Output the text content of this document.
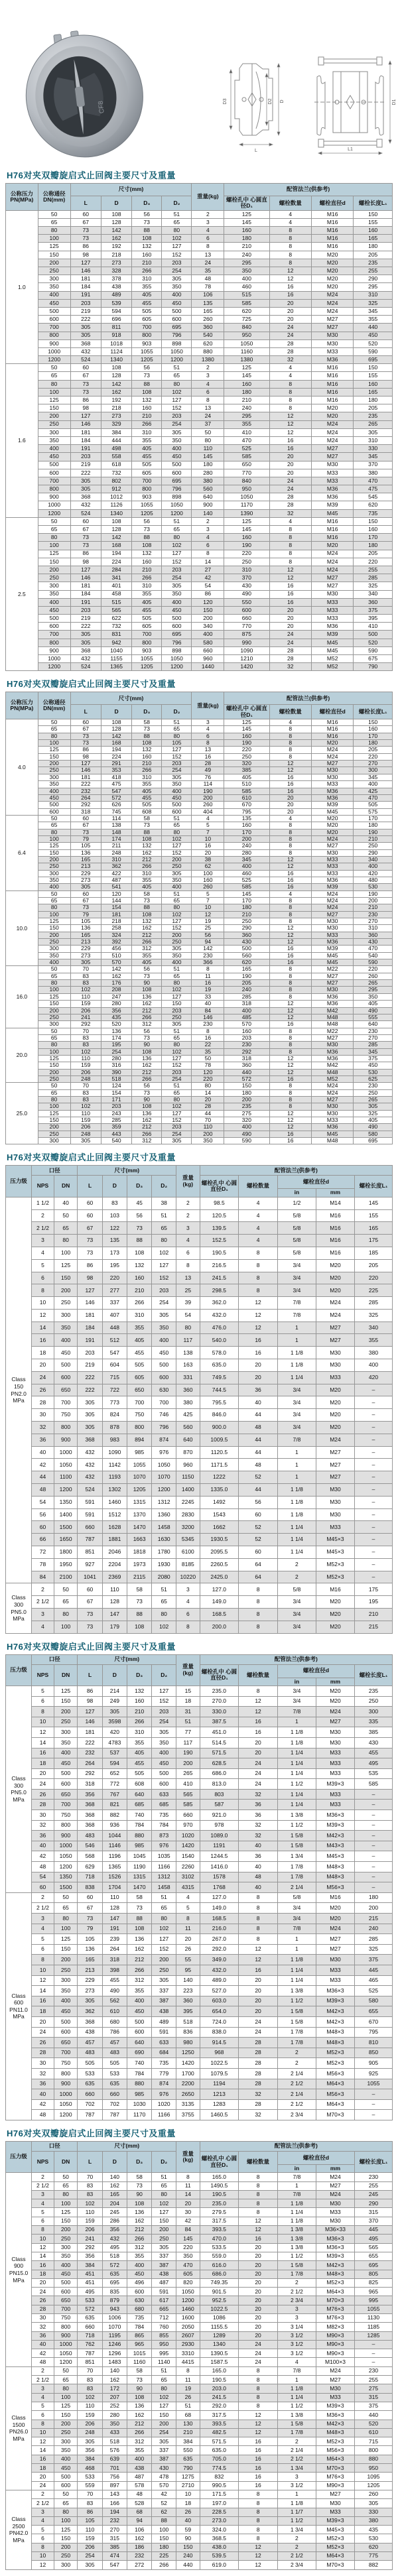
CF8	D3	D2 D
L
D1
L1
H76对夹双瓣旋启式止回阀主要尺寸及重量
公称压力 PN(MPa)	公称通径 DN(mm)	尺寸(mm)				重量(kg)	配管法兰(供参考)			
		L	D	D₃	D₂		螺栓孔中 心圆直径D₁	螺栓数量	螺栓直径d	螺栓长度L₁
1.0	50	60	108	56	51	2	125	4	M16	150
	65	67	128	73	65	3	145	4	M16	155
	80	73	142	88	80	4	160	8	M16	160
	100	73	162	108	102	6	180	8	M16	165
	125	86	192	132	127	8	210	8	M16	180
	150	98	218	160	152	13	240	8	M20	205
	200	127	273	210	203	24	295	8	M20	235
	250	146	328	266	254	35	350	12	M20	255
	300	181	378	310	305	48	400	12	M20	290
	350	184	438	355	350	78	460	16	M20	295
	400	191	489	405	400	106	515	16	M24	310
	450	203	539	455	450	135	585	20	M24	325
	500	219	594	505	500	165	620	20	M24	345
	600	222	696	605	600	260	725	20	M27	355
	700	305	811	700	695	360	840	24	M27	440
	800	305	918	800	796	540	950	24	M30	450
	900	368	1018	903	898	620	1050	28	M30	520
	1000	432	1124	1055	1050	880	1160	28	M33	590
	1200	524	1340	1205	1200	1380	1380	32	M36	695
1.6	50	60	108	56	51	2	125	4	M16	150
	65	67	128	73	65	3	145	4	M16	155
	80	73	142	88	80	4	160	8	M16	160
	100	73	162	108	102	6	180	8	M16	165
	125	86	192	132	127	8	210	8	M16	180
	150	98	218	160	152	13	240	8	M20	205
	200	127	273	210	203	24	295	12	M20	235
	250	146	329	266	254	37	355	12	M24	265
	300	181	384	310	305	50	410	12	M24	305
	350	184	444	355	350	80	470	16	M24	310
	400	191	498	405	400	110	525	16	M27	330
	450	203	558	455	450	145	585	20	M27	345
	500	219	618	505	500	180	650	20	M30	370
	600	222	732	605	600	280	770	20	M33	380
	700	305	802	700	695	380	840	24	M33	470
	800	305	912	800	796	560	950	24	M36	475
	900	368	1012	903	898	640	1050	28	M36	545
	1000	432	1126	1055	1050	900	1170	28	M39	620
	1200	524	1340	1205	1200	140	1390	32	M45	735
2.5	50	60	108	56	51	2	125	4	M16	150
	65	67	128	73	65	3	145	8	M16	160
	80	73	142	88	80	4	160	8	M16	170
	100	73	168	108	102	6	190	8	M20	180
	125	86	194	132	127	8	220	8	M24	205
	150	98	224	160	152	14	250	8	M24	220
	200	127	284	210	203	27	310	12	M24	255
	250	146	341	266	254	42	370	12	M27	285
	300	181	401	310	305	54	430	16	M27	325
	350	184	458	355	350	86	490	16	M30	340
	400	191	515	405	400	120	550	16	M33	360
	450	203	565	455	450	150	600	20	M33	375
	500	219	622	505	500	200	660	20	M33	395
	600	222	732	605	600	340	770	20	M36	410
	700	305	831	700	695	400	875	24	M39	500
	800	305	942	800	796	580	990	24	M45	520
	900	368	1040	903	898	660	1090	28	M45	590
	1000	432	1155	1055	1050	960	1210	28	M52	675
	1200	524	1365	1205	1200	1440	1420	32	M52	790
H76对夹双瓣旋启式止回阀主要尺寸及重量
公称压力 PN(MPa)	公称通径 DN(mm)	尺寸(mm)				重量(kg)	配管法兰(供参考)			
		L	D	D₃	D₂		螺栓孔中 心圆直径D₁	螺栓数量	螺栓直径d	螺栓长度L₁
4.0	50	60	108	58	51	3	125	4	M16	150
	65	67	128	73	65	4	145	8	M16	160
	80	73	142	88	80	6	160	8	M16	170
	100	73	168	108	105	8	190	8	M20	180
	125	86	194	132	127	13	220	8	M24	205
	150	98	224	160	152	16	250	8	M24	220
	200	127	291	210	203	28	320	12	M27	270
	250	146	353	266	254	49	385	12	M30	300
	300	181	418	310	305	76	405	16	M30	345
	350	222	475	355	350	114	510	16	M33	400
	400	232	547	405	400	190	585	16	M36	425
	450	264	572	455	450	200	610	20	M36	470
	500	292	626	505	500	260	670	20	M39	505
	600	318	745	608	600	404	795	20	M45	575
6.4	50	60	114	58	51	4	135	4	M20	170
	65	67	138	73	65	5	160	8	M20	180
	80	73	148	88	80	7	170	8	M20	190
	100	79	174	108	102	10	200	8	M24	210
	125	105	211	132	127	16	240	8	M27	250
	150	136	248	162	152	20	280	8	M30	290
	200	165	310	212	200	38	345	12	M33	340
	250	213	362	266	250	62	400	12	M33	400
	300	229	422	310	305	100	460	16	M33	420
	350	273	487	355	350	160	525	16	M36	480
	400	305	541	405	400	260	585	16	M39	530
10.0	50	60	120	58	51	5	145	4	M24	190
	65	67	144	73	65	7	170	8	M24	200
	80	73	154	88	80	10	180	8	M24	210
	100	79	181	108	102	12	210	8	M27	230
	125	105	218	132	127	19	250	8	M30	270
	150	136	258	162	152	25	290	12	M30	310
	200	165	324	212	200	56	360	12	M33	360
	250	213	392	266	250	94	430	12	M36	430
	300	229	456	312	305	142	500	16	M39	470
	350	273	510	355	350	230	560	16	M45	540
	400	305	570	405	400	366	620	16	M45	590
16.0	50	70	142	56	51	8	165	8	M22	220
	65	83	162	73	65	11	190	8	M27	260
	80	83	176	90	80	16	205	8	M27	265
	100	102	208	108	102	19	240	8	M30	295
	125	110	247	136	127	33	285	8	M36	350
	150	159	280	162	150	40	318	12	M36	405
	200	206	356	212	203	84	400	12	M42	490
	250	241	435	266	250	146	485	12	M48	555
	300	292	520	312	305	230	570	16	M48	640
20.0	50	70	136	56	51	8	160	8	M22	230
	65	83	174	73	65	16	203	8	M27	270
	80	83	195	90	80	22	230	8	M30	285
	100	102	254	108	102	35	292	8	M36	345
	125	110	280	136	127	50	318	12	M36	375
	150	159	316	162	152	78	360	12	M42	450
	200	206	390	212	203	120	440	12	M48	530
	250	248	518	266	254	220	572	16	M52	625
25.0	50	70	124	56	51	80	150	8	M24	230
	65	83	154	73	65	14	180	8	M24	250
	80	83	171	90	80	20	200	8	M27	265
	100	102	203	108	102	28	235	8	M30	305
	125	110	243	136	127	44	275	12	M30	325
	150	159	285	162	152	70	320	12	M33	405
	200	206	359	212	203	110	400	12	M36	490
	250	248	443	266	254	200	490	16	M45	580
	300	305	540	312	305	350	590	16	M48	695
H76对夹双瓣旋启式止回阀主要尺寸及重量
压力级	口径		尺寸(mm)				重量 (kg)	配管法兰(供参考)				
	NPS	DN	L	D	D₃	D₂		螺栓孔中 心圆直径D₁	螺栓数量	螺栓直径d		螺栓长度L₁
										in	mm	
Class 150 PN2.0 MPa	1 1/2	40	60	83	45	38	2	98.5	4	1/2	M14	145
	2	50	60	103	56	51	2	120.5	4	5/8	M16	155
	2 1/2	65	67	122	73	65	3	139.5	4	5/8	M16	165
	3	80	73	135	88	80	4	152.5	4	5/8	M16	175
	4	100	73	173	108	102	6	190.5	8	5/8	M16	185
	5	125	86	195	132	127	8	216.5	8	3/4	M20	205
	6	150	98	220	160	152	13	241.5	8	3/4	M20	220
	8	200	127	277	210	203	25	298.5	8	3/4	M20	225
	10	250	146	337	266	254	39	362.0	12	7/8	M24	285
	12	300	181	407	310	305	54	432.0	12	7/8	M24	325
	14	350	184	448	355	350	80	476.0	12	1	M27	340
	16	400	191	512	405	400	117	540.0	16	1	M27	355
	18	450	203	547	455	450	138	578.0	16	1 1/8	M30	380
	20	500	219	604	505	500	163	635.0	20	1 1/8	M30	400
	24	600	222	715	605	600	331	749.5	20	1 1/4	M33	420
	26	650	222	722	650	630	360	744.5	36	3/4	M20	–
	28	700	305	773	700	700	380	795.5	40	3/4	M20	–
	30	750	305	824	750	746	425	846.0	44	3/4	M20	–
	32	800	305	878	800	796	560	900.0	48	3/4	M20	–
	36	900	368	983	894	874	640	1009.5	44	7/8	M24	–
	40	1000	432	1090	985	976	870	1120.5	44	1	M27	–
	42	1050	432	1142	1055	1050	960	1171.5	48	1	M27	–
	44	1100	432	1193	1070	1070	1150	1222	52	1	M27	–
	48	1200	524	1302	1205	1200	1400	1335.0	44	1 1/8	M30	–
	54	1350	591	1460	1315	1312	2245	1492	56	1 1/8	M30	–
	56	1400	591	1512	1370	1360	2830	1543	60	1 1/8	M30	–
	60	1500	660	1628	1470	1458	3200	1662	52	1 1/4	M33	–
	66	1650	787	1881	1663	1630	5345	1930.5	52	1 1/4	M45×3	–
	72	1800	851	2046	1818	1780	6100	2095.5	60	1 1/4	M45×3	–
	78	1950	927	2204	1973	1930	8185	2260.5	64	2	M52×3	–
	84	2100	1041	2369	2115	2080	10220	2425.0	64	2	M52×3	–
Class 300 PN5.0 MPa	2	50	60	110	58	51	3	127.0	8	5/8	M16	175
	2 1/2	65	67	128	73	65	4	149.0	8	3/4	M20	195
	3	80	73	147	88	80	6	168.5	8	3/4	M20	210
	4	100	73	179	108	102	8	200.0	8	3/4	M20	215
H76对夹双瓣旋启式止回阀主要尺寸及重量
压力级	口径		尺寸(mm)				重量 (kg)	配管法兰(供参考)				
	NPS	DN	L	D	D₃	D₂		螺栓孔中 心圆直径D₁	螺栓数量	螺栓直径d		螺栓长度L₁
										in	mm	
Class 300 PN5.0 MPa	5	125	86	214	132	127	15	235.0	8	3/4	M20	235
	6	150	98	249	160	152	18	270.0	12	3/4	M20	250
	8	200	127	305	210	203	31	330.0	12	7/8	M24	300
	10	250	146	3598	266	254	51	387.5	16	1	M27	335
	12	300	181	420	310	305	77	451.0	16	1 1/8	M30	385
	14	350	222	4783	355	350	117	514.5	20	1 1/8	M30	430
	16	400	232	537	405	400	190	571.5	20	1 1/4	M33	455
	18	450	264	594	455	450	200	628.5	24	1 1/4	M33	495
	20	500	292	652	505	500	265	686.0	24	1 1/4	M33	535
	24	600	318	772	608	600	410	813.0	24	1 1/2	M39×3	585
	26	650	356	767	640	633	565	803	32	1 1/4	M33	–
	28	700	368	821	685	685	585	587	36	1 1/4	M33	–
	30	750	368	882	740	735	660	921.0	36	1 3/8	M36×3	–
	32	800	368	936	784	784	970	978	32	1 1/2	M39×3	–
	36	900	483	1044	880	873	1020	1089.0	32	1 5/8	M42×3	–
	40	1000	546	1146	985	976	1420	1191	40	1 5/8	M43×3	–
	42	1050	568	1196	1045	1035	1540	1244.5	36	1 3/4	M45×3	–
	48	1200	629	1365	1190	1166	2260	1416.0	40	1 7/8	M48×3	–
	54	1350	718	1526	1315	1312	3102	1578	48	1 7/8	M48×3	–
	60	1500	838	1704	1470	1458	4315	1768	40	2 1/4	M56×3	–
Class 600 PN11.0 MPa	2	50	60	110	58	51	4	127.0	8	5/8	M16	180
	2 1/2	65	67	128	73	65	5	149.0	8	3/4	M20	200
	3	80	73	147	88	80	8	168.5	8	3/4	M20	215
	4	100	79	191	108	102	11	216.0	8	7/8	M24	240
	5	125	105	239	136	127	20	267.0	8	1	M27	285
	6	150	136	264	162	152	26	292.0	12	1	M27	325
	8	200	165	318	212	200	55	349.0	12	1 1/8	M30	375
	10	250	213	398	266	250	95	432.0	16	1 1/4	M33	445
	12	300	229	455	312	305	140	489.0	20	1 1/4	M33	465
	14	350	273	490	355	337	223	527.0	20	1 3/8	M36×3	525
	16	400	305	562	400	387	360	603.0	20	1 1/2	M39×3	580
	18	450	362	610	450	438	395	654.0	20	1 5/8	M42×3	655
	20	500	368	680	500	489	518	724.0	24	1 5/8	M42×3	670
	24	600	438	786	600	591	836	838.0	24	1 7/8	M48×3	795
	26	650	457	457	640	633	980	914.5	28	1 7/8	M48×3	810
	28	700	483	483	690	684	1250	968	28	2	M52×3	850
	30	750	505	505	740	735	1420	1022.5	28	2	M52×3	905
	32	800	533	533	784	779	1700	1079.5	28	2 1/4	M56×3	925
	36	900	635	635	880	874	2200	1194	28	2 1/2	M64×3	1055
	40	1000	660	660	985	976	2650	1213	32	2 1/4	M56×3	–
	42	1050	702	702	1030	1020	3135	1283	28	2 1/2	M64×3	–
	48	1200	787	787	1170	1166	3755	1460.5	32	2 3/4	M70×3	–
H76对夹双瓣旋启式止回阀主要尺寸及重量
压力级	口径		尺寸(mm)				重量 (kg)	配管法兰(供参考)				
	NPS	DN	L	D	D₃	D₂		螺栓孔中 心圆直径D₁	螺栓数量	螺栓直径d		螺栓长度L₁
										in	mm	
Class 900 PN15.0 MPa	2	50	70	140	58	51	8	165.0	8	7/8	M24	230
	2 1/2	65	83	162	73	65	11	1490.5	8	1	M27	255
	3	80	83	165	90	80	14	190.5	8	7/8	M24	245
	4	100	102	204	108	102	20	235.0	8	1 1/8	M30	290
	5	125	110	245	136	127	30	279.5	8	1 1/4	M33	315
	6	150	159	286	162	150	42	317.5	12	1 1/8	M30	370
	8	200	206	356	212	200	84	393.5	12	1 3/8	M36×33	445
	10	250	241	432	266	250	145	470.0	16	1 3/8	M36×3	495
	12	300	292	495	312	305	220	533.5	20	1 3/8	M36×3	565
	14	350	356	518	355	337	350	559.0	20	1 1/2	M39×3	655
	16	400	384	572	400	387	470	616.0	20	1 5/8	M42×3	695
	18	450	451	635	450	438	605	686.0	20	1 7/8	M48×3	805
	20	500	451	695	496	487	820	749.35	20	2	M52×3	825
	24	600	495	835	600	591	1050	901.5	20	2 1/2	M64×3	965
	26	650	533	879	630	617	1200	952.5	20	2 3/4	M70×3	995
	28	700	572	943	680	665	1460	1022.5	20	3	M76×3	1055
	30	750	635	1006	735	712	1600	1086	20	3	M76×3	1130
	32	800	660	1070	784	760	2050	1155.5	20	3 1/4	M82×3	1185
	36	900	718	1195	865	855	2607	1289	20	3 1/2	M90×3	1285
	40	1000	762	1246	965	950	2930	1340	24	3 1/2	M90×3	–
	42	1050	787	1296	1015	995	3310	1390.5	24	3 1/2	M90×3	–
	48	1200	851	1483	1160	1140	4415	1587.5	24	4	M100×3	–
Class 1500 PN26.0 MPa	2	50	70	140	58	51	8	165.0	8	7/8	M24	230
	2 1/2	65	83	162	73	65	11	190.5	8	1	M27	255
	3	80	83	172	90	80	19	203.0	8	1 1/8	M30	275
	4	100	102	207	108	102	26	241.5	8	1 1/4	M33	315
	5	125	110	252	136	127	51	292.0	8	1 1/2	M39×3	375
	6	150	159	280	162	150	68	317.5	12	1 3/8	M36×3	440
	8	200	206	350	212	200	130	393.5	12	1 5/8	M42×3	520
	10	250	248	433	266	254	210	482.5	12	1 7/8	M48×3	610
	12	300	305	518	312	305	384	571.5	16	2	M52×3	715
	14	350	356	576	355	337	550	635.0	16	2 1/4	M56×3	800
	16	400	384	639	400	387	635	705.0	16	2 1/2	M64×3	880
	18	450	468	701	438	430	790	774.5	16	1 3/4	M70×3	950
	20	500	533	756	487	478	1275	832	16	3	M76×3	1095
	24	600	559	897	578	570	2710	990.5	16	3 1/2	M90×3	1205
Class 2500 PN42.0 MPa	2	50	70	143	48	42	10	171.5	8	1	M27	260
	2 1/2	65	83	166	528	52	18	197.0	8	1 1/8	M30	305
	3	80	86	194	68	62	26	228.5	8	1 1/7	M33	330
	4	100	105	232	94	88	40	273.0	8	1 1/2	M39×3	380
	5	125	110	270	106	100	59	324.0	8	1 3/4	M45×3	435
	6	150	159	315	162	150	90	368.5	8	2	M52×3	530
	8	200	206	385	186	180	150	438.0	12	2	M52×3	620
	10	250	254	474	232	225	240	539.5	12	2 1/2	M64×3	775
	12	300	305	547	272	266	440	619.0	12	2 3/4	M70×3	882
